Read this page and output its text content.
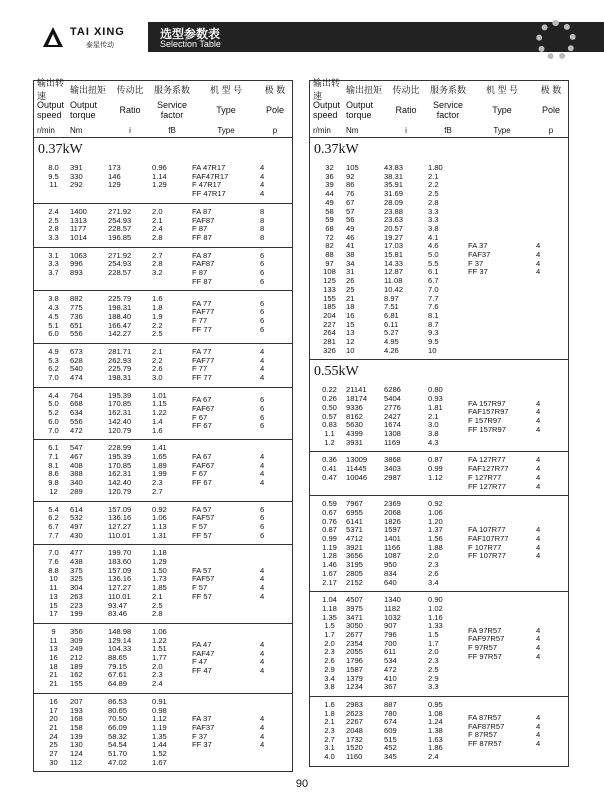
TAI XING
泰星传动
选型参数表
Selection Table
输出转速
输出扭矩	传动比	服务系数	机 型 号	极 数
Output speed
Output torque	Ratio	Service factor	Type	Pole
r/min	Nm	i	fB	Type	p
0.37kW
8.0	391	173	0.96
9.5	330	146	1.14
11	292	129	1.29
FA 47R17	4
FAF47R17	4
F 47R17	4
FF 47R17	4
2.4	1400	271.92	2.0
2.5	1313	254.93	2.1
2.8	1177	228.57	2.4
3.3	1014	196.85	2.8
FA 87	8
FAF87	8
F 87	8
FF 87	8
3.1	1063	271.92	2.7
3.3	996	254.93	2.8
3.7	893	228.57	3.2
FA 87	6
FAF87	6
F 87	6
FF 87	6
3.8	882	225.79	1.6
4.3	775	198.31	1.8
4.5	736	188.40	1.9
5.1	651	166.47	2.2
6.0	556	142.27	2.5
FA 77	6
FAF77	6
F 77	6
FF 77	6
4.9	673	281.71	2.1
5.3	628	262.93	2.2
6.2	540	225.79	2.6
7.0	474	198.31	3.0
FA 77	4
FAF77	4
F 77	4
FF 77	4
4.4	764	195.39	1.01
5.0	668	170.85	1.15
5.2	634	162.31	1.22
6.0	556	142.40	1.4
7.0	472	120.79	1.6
FA 67	6
FAF67	6
F 67	6
FF 67	6
6.1	547	228.99	1.41
7.1	467	195.39	1.65
8.1	408	170.85	1.89
8.6	388	162.31	1.99
9.8	340	142.40	2.3
12	289	120.79	2.7
FA 67	4
FAF67	4
F 67	4
FF 67	4
5.4	614	157.09	0.92
6.2	532	136.16	1.06
6.7	497	127.27	1.13
7.7	430	110.01	1.31
FA 57	6
FAF57	6
F 57	6
FF 57	6
7.0	477	199.70	1.18
7.6	438	183.60	1.29
8.8	375	157.09	1.50
10	325	136.16	1.73
11	304	127.27	1.85
13	263	110.01	2.1
15	223	93.47	2.5
17	199	83.46	2.8
FA 57	4
FAF57	4
F 57	4
FF 57	4
9	356	148.98	1.06
11	309	129.14	1.22
13	249	104.33	1.51
16	212	88.65	1.77
18	189	79.15	2.0
21	162	67.61	2.3
21	155	64.89	2.4
FA 47	4
FAF47	4
F 47	4
FF 47	4
16	207	86.53	0.91
17	193	80.65	0.98
20	168	70.50	1.12
21	158	66.09	1.19
24	139	58.32	1.35
25	130	54.54	1.44
27	124	51.70	1.52
30	112	47.02	1.67
FA 37	4
FAF37	4
F 37	4
FF 37	4
输出转速
输出扭矩	传动比	服务系数	机 型 号	极 数
Output speed
Output torque	Ratio	Service factor	Type	Pole
r/min	Nm	i	fB	Type	p
0.37kW
32	105	43.83	1.80
36	92	38.31	2.1
39	86	35.91	2.2
44	76	31.69	2.5
49	67	28.09	2.8
58	57	23.88	3.3
59	56	23.63	3.3
68	49	20.57	3.8
72	46	19.27	4.1
82	41	17.03	4.6
88	38	15.81	5.0
97	34	14.33	5.5
108	31	12.87	6.1
125	26	11.08	6.7
133	25	10.42	7.0
155	21	8.97	7.7
185	18	7.51	7.6
204	16	6.81	8.1
227	15	6.11	8.7
264	13	5.27	9.3
281	12	4.95	9.5
326	10	4.26	10
FA 37	4
FAF37	4
F 37	4
FF 37	4
0.55kW
0.22	21141	6286	0.80
0.26	18174	5404	0.93
0.50	9336	2776	1.81
0.57	8162	2427	2.1
0.83	5630	1674	3.0
1.1	4399	1308	3.8
1.2	3931	1169	4.3
FA 157R97	4
FAF157R97	4
F 157R97	4
FF 157R97	4
0.36	13009	3868	0.87
0.41	11445	3403	0.99
0.47	10046	2987	1.12
FA 127R77	4
FAF127R77	4
F 127R77	4
FF 127R77	4
0.59	7967	2369	0.92
0.67	6955	2068	1.06
0.76	6141	1826	1.20
0.87	5371	1597	1.37
0.99	4712	1401	1.56
1.19	3921	1166	1.88
1.28	3656	1087	2.0
1.46	3195	950	2.3
1.67	2805	834	2.6
2.17	2152	640	3.4
FA 107R77	4
FAF107R77	4
F 107R77	4
FF 107R77	4
1.04	4507	1340	0.90
1.18	3975	1182	1.02
1.35	3471	1032	1.16
1.5	3050	907	1.33
1.7	2677	796	1.5
2.0	2354	700	1.7
2.3	2055	611	2.0
2.6	1796	534	2.3
2.9	1587	472	2.5
3.4	1379	410	2.9
3.8	1234	367	3.3
FA 97R57	4
FAF97R57	4
F 97R57	4
FF 97R57	4
1.6	2983	887	0.95
1.8	2623	780	1.08
2.1	2267	674	1.24
2.3	2048	609	1.38
2.7	1732	515	1.63
3.1	1520	452	1.86
4.0	1160	345	2.4
FA 87R57	4
FAF87R57	4
F 87R57	4
FF 87R57	4
90
